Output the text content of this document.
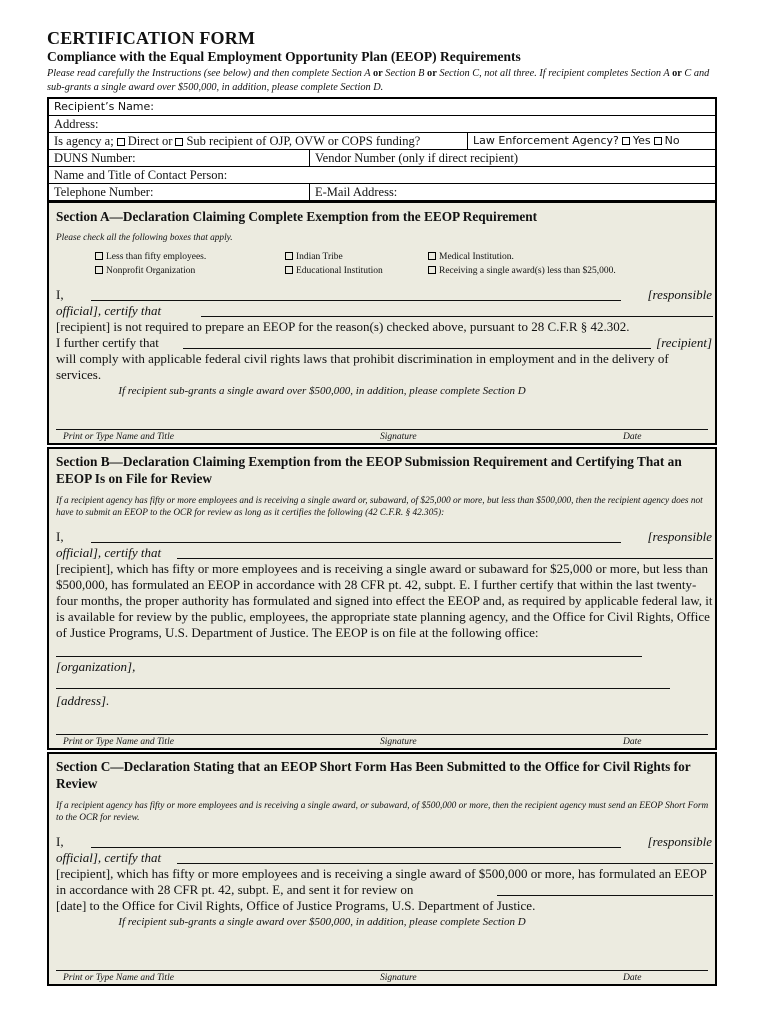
CERTIFICATION FORM
Compliance with the Equal Employment Opportunity Plan (EEOP) Requirements
Please read carefully the Instructions (see below) and then complete Section A or Section B or Section C, not all three. If recipient completes Section A or C and sub-grants a single award over $500,000, in addition, please complete Section D.
Recipient’s Name:
Address:
Is agency a; Direct or Sub recipient of OJP, OVW or COPS funding?	Law Enforcement Agency? Yes No
DUNS Number:	Vendor Number (only if direct recipient)
Name and Title of Contact Person:
Telephone Number:	E-Mail Address:
Section A—Declaration Claiming Complete Exemption from the EEOP Requirement
Please check all the following boxes that apply.
Less than fifty employees.	Indian Tribe	Medical Institution.
Nonprofit Organization	Educational Institution	Receiving a single award(s) less than $25,000.
I,	[responsible
official], certify that
[recipient] is not required to prepare an EEOP for the reason(s) checked above, pursuant to 28 C.F.R § 42.302.
I further certify that	[recipient]
will comply with applicable federal civil rights laws that prohibit discrimination in employment and in the delivery of services.
If recipient sub-grants a single award over $500,000, in addition, please complete Section D
Print or Type Name and Title	Signature	Date
Section B—Declaration Claiming Exemption from the EEOP Submission Requirement and Certifying That an EEOP Is on File for Review
If a recipient agency has fifty or more employees and is receiving a single award or, subaward, of $25,000 or more, but less than $500,000, then the recipient agency does not have to submit an EEOP to the OCR for review as long as it certifies the following (42 C.F.R. § 42.305):
I,	[responsible
official], certify that
[recipient], which has fifty or more employees and is receiving a single award or subaward for $25,000 or more, but less than $500,000, has formulated an EEOP in accordance with 28 CFR pt. 42, subpt. E. I further certify that within the last twenty-four months, the proper authority has formulated and signed into effect the EEOP and, as required by applicable federal law, it is available for review by the public, employees, the appropriate state planning agency, and the Office for Civil Rights, Office of Justice Programs, U.S. Department of Justice. The EEOP is on file at the following office:
[organization],
[address].
Print or Type Name and Title	Signature	Date
Section C—Declaration Stating that an EEOP Short Form Has Been Submitted to the Office for Civil Rights for Review
If a recipient agency has fifty or more employees and is receiving a single award, or subaward, of $500,000 or more, then the recipient agency must send an EEOP Short Form to the OCR for review.
I,	[responsible
official], certify that
[recipient], which has fifty or more employees and is receiving a single award of $500,000 or more, has formulated an EEOP in accordance with 28 CFR pt. 42, subpt. E, and sent it for review on
[date] to the Office for Civil Rights, Office of Justice Programs, U.S. Department of Justice.
If recipient sub-grants a single award over $500,000, in addition, please complete Section D
Print or Type Name and Title	Signature	Date
